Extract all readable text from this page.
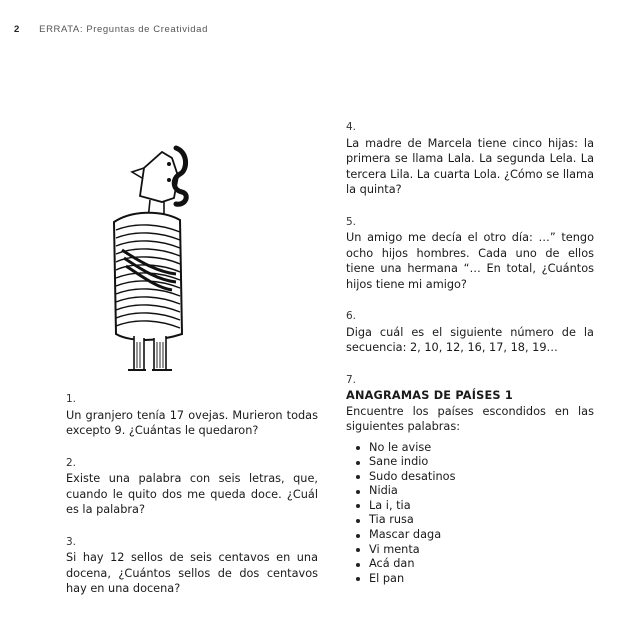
2 ERRATA: Preguntas de Creatividad
1.
Un granjero tenía 17 ovejas. Murieron todas excepto 9. ¿Cuántas le quedaron?
2.
Existe una palabra con seis letras, que, cuando le quito dos me queda doce. ¿Cuál es la palabra?
3.
Si hay 12 sellos de seis centavos en una docena, ¿Cuántos sellos de dos centavos hay en una docena?
4.
La madre de Marcela tiene cinco hijas: la primera se llama Lala. La segunda Lela. La tercera Lila. La cuarta Lola. ¿Cómo se llama la quinta?
5.
Un amigo me decía el otro día: …” tengo ocho hijos hombres. Cada uno de ellos tiene una hermana “… En total, ¿Cuántos hijos tiene mi amigo?
6.
Diga cuál es el siguiente número de la secuencia: 2, 10, 12, 16, 17, 18, 19…
7.
ANAGRAMAS DE PAÍSES 1
Encuentre los países escondidos en las siguientes palabras:
No le avise
Sane indio
Sudo desatinos
Nidia
La i, tia
Tia rusa
Mascar daga
Vi menta
Acá dan
El pan
